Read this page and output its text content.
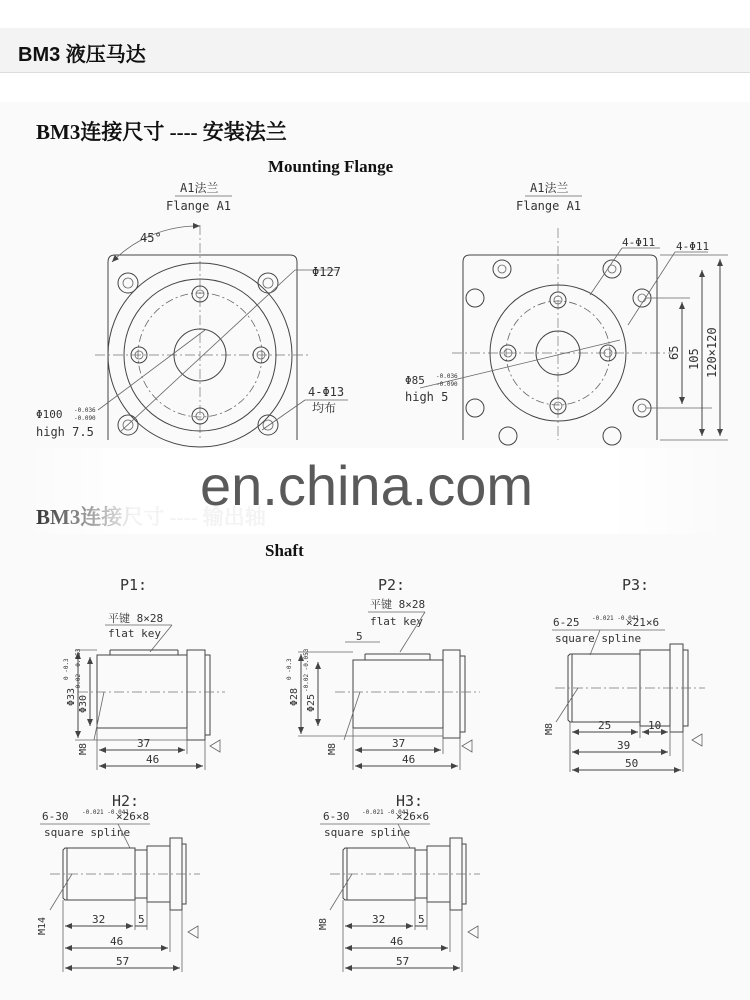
BM3 液压马达
BM3连接尺寸 ---- 安装法兰
Mounting Flange
A1法兰
Flange A1
45°
Φ127
4-Φ13
均布
Φ100 -0.036
-0.090
high 7.5
A1法兰
Flange A1
4-Φ11 4-Φ11
Φ85 -0.036
-0.090
high 5
65 105 120×120
Shaft
en.china.com
P1:
平键 8×28
flat key
Φ33
0 -0.3
Φ30
-0.02 -0.053
M8	37
46
P2:
平键 8×28
flat key
5
Φ28
0 -0.3
Φ25
-0.02 -0.053
M8	37
46
P3:
6-25 -0.021 -0.041
×21×6
square spline
M8	25	10
39
50
H2:
6-30 -0.021 -0.041
×26×8
square spline
M14	32	5
46
57
H3:
6-30 -0.021 -0.041
×26×6
square spline
M8	32	5
46
57
